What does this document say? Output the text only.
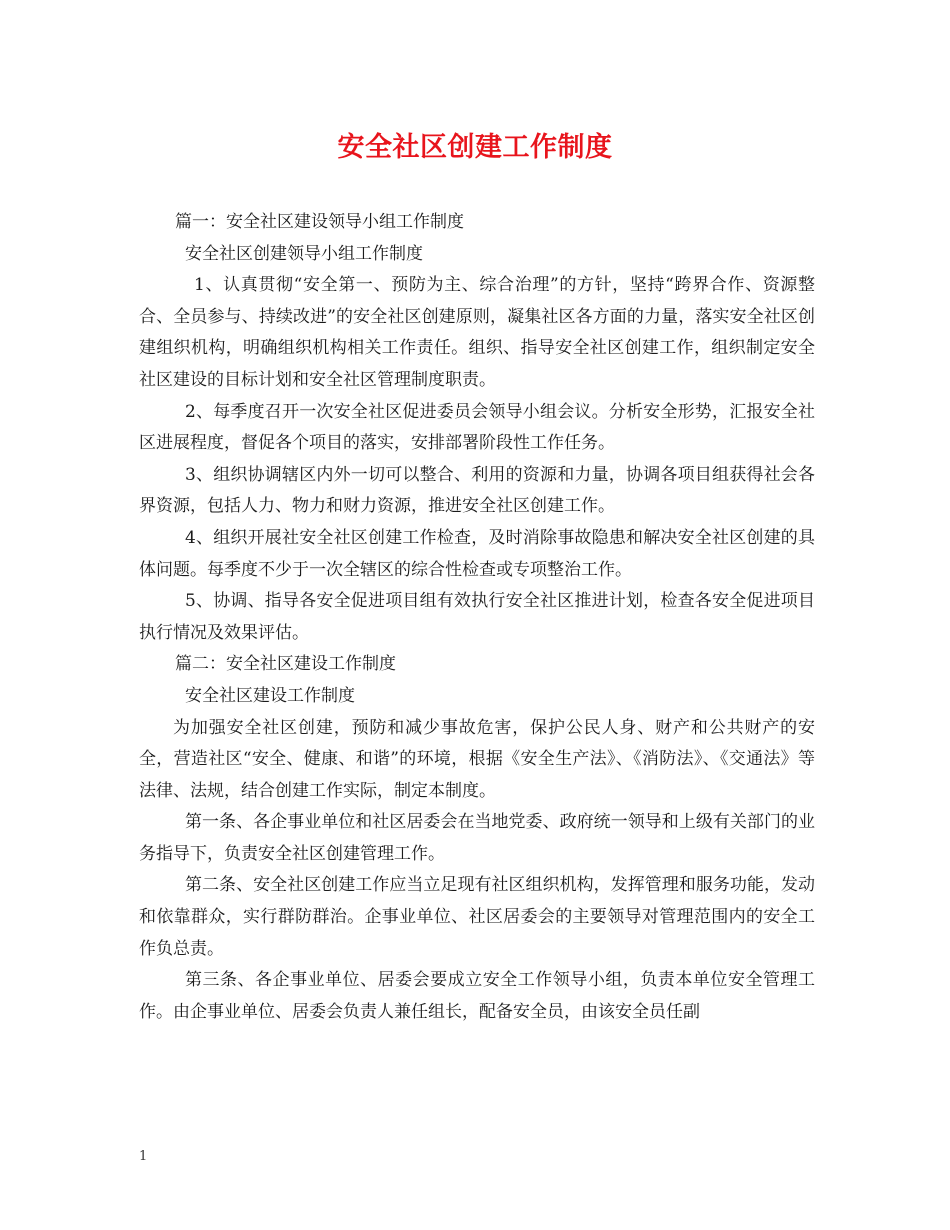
安全社区创建工作制度

篇一：安全社区建设领导小组工作制度

安全社区创建领导小组工作制度

1、认真贯彻“安全第一、预防为主、综合治理”的方针，坚持“跨界合作、资源整合、全员参与、持续改进”的安全社区创建原则，凝集社区各方面的力量，落实安全社区创建组织机构，明确组织机构相关工作责任。组织、指导安全社区创建工作，组织制定安全社区建设的目标计划和安全社区管理制度职责。

2、每季度召开一次安全社区促进委员会领导小组会议。分析安全形势，汇报安全社区进展程度，督促各个项目的落实，安排部署阶段性工作任务。

3、组织协调辖区内外一切可以整合、利用的资源和力量，协调各项目组获得社会各界资源，包括人力、物力和财力资源，推进安全社区创建工作。

4、组织开展社安全社区创建工作检查，及时消除事故隐患和解决安全社区创建的具体问题。每季度不少于一次全辖区的综合性检查或专项整治工作。

5、协调、指导各安全促进项目组有效执行安全社区推进计划，检查各安全促进项目执行情况及效果评估。

篇二：安全社区建设工作制度

安全社区建设工作制度

为加强安全社区创建，预防和减少事故危害，保护公民人身、财产和公共财产的安全，营造社区“安全、健康、和谐”的环境，根据《安全生产法》、《消防法》、《交通法》等法律、法规，结合创建工作实际，制定本制度。

第一条、各企事业单位和社区居委会在当地党委、政府统一领导和上级有关部门的业务指导下，负责安全社区创建管理工作。

第二条、安全社区创建工作应当立足现有社区组织机构，发挥管理和服务功能，发动和依靠群众，实行群防群治。企事业单位、社区居委会的主要领导对管理范围内的安全工作负总责。

第三条、各企事业单位、居委会要成立安全工作领导小组，负责本单位安全管理工作。由企事业单位、居委会负责人兼任组长，配备安全员，由该安全员任副

1
